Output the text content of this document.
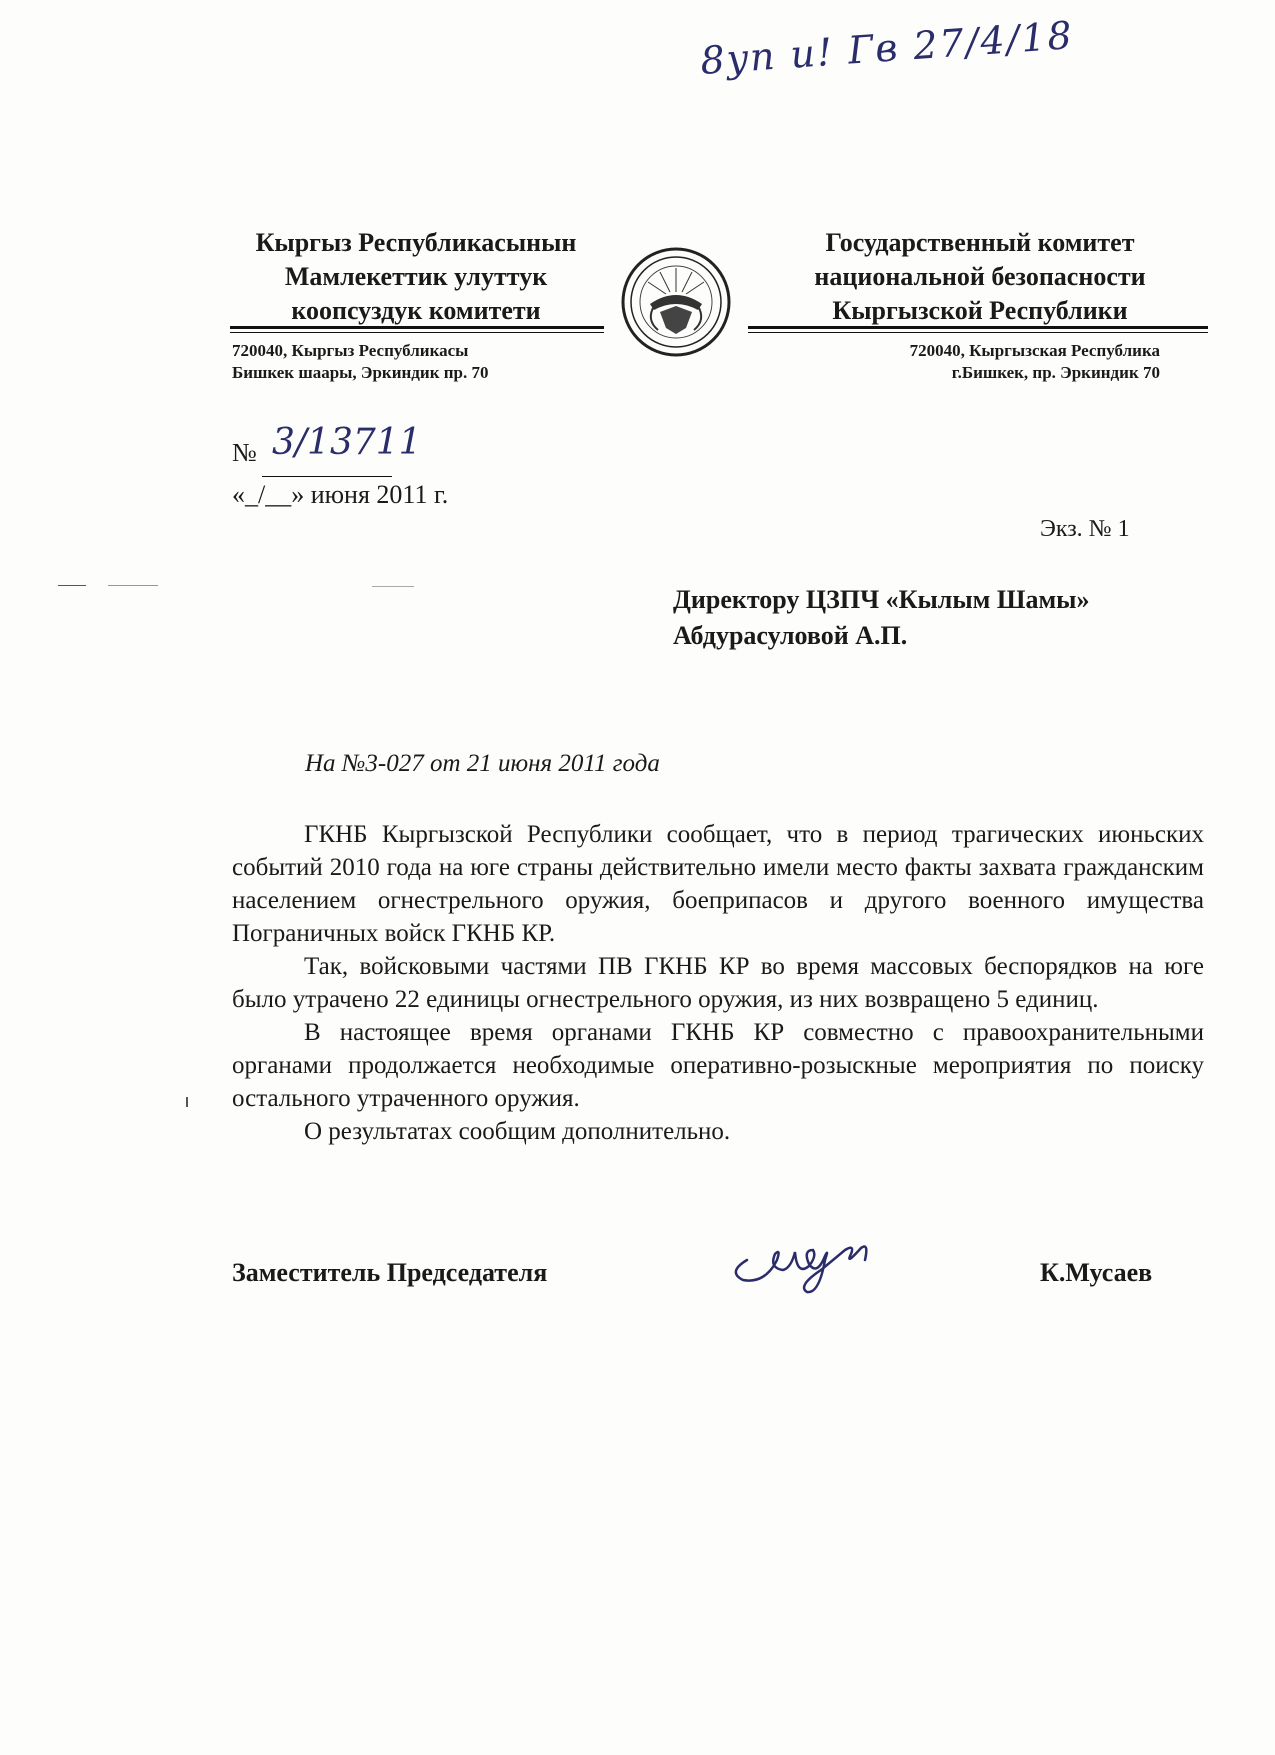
8yn u! Гв 27/4/18
Кыргыз Республикасынын
Мамлекеттик улуттук
коопсуздук комитети
Государственный комитет
национальной безопасности
Кыргызской Республики
720040, Кыргыз Республикасы
Бишкек шаары, Эркиндик пр. 70
720040, Кыргызская Республика
г.Бишкек, пр. Эркиндик 70
№ 3/13711
«_/__» июня 2011 г.
Экз. № 1
Директору ЦЗПЧ «Кылым Шамы»
Абдурасуловой А.П.
На №3-027 от 21 июня 2011 года

ГКНБ Кыргызской Республики сообщает, что в период трагических июньских событий 2010 года на юге страны действительно имели место факты захвата гражданским населением огнестрельного оружия, боеприпасов и другого военного имущества Пограничных войск ГКНБ КР.

Так, войсковыми частями ПВ ГКНБ КР во время массовых беспорядков на юге было утрачено 22 единицы огнестрельного оружия, из них возвращено 5 единиц.

В настоящее время органами ГКНБ КР совместно с правоохранительными органами продолжается необходимые оперативно-розыскные мероприятия по поиску остального утраченного оружия.

О результатах сообщим дополнительно.

Заместитель Председателя	К.Мусаев
